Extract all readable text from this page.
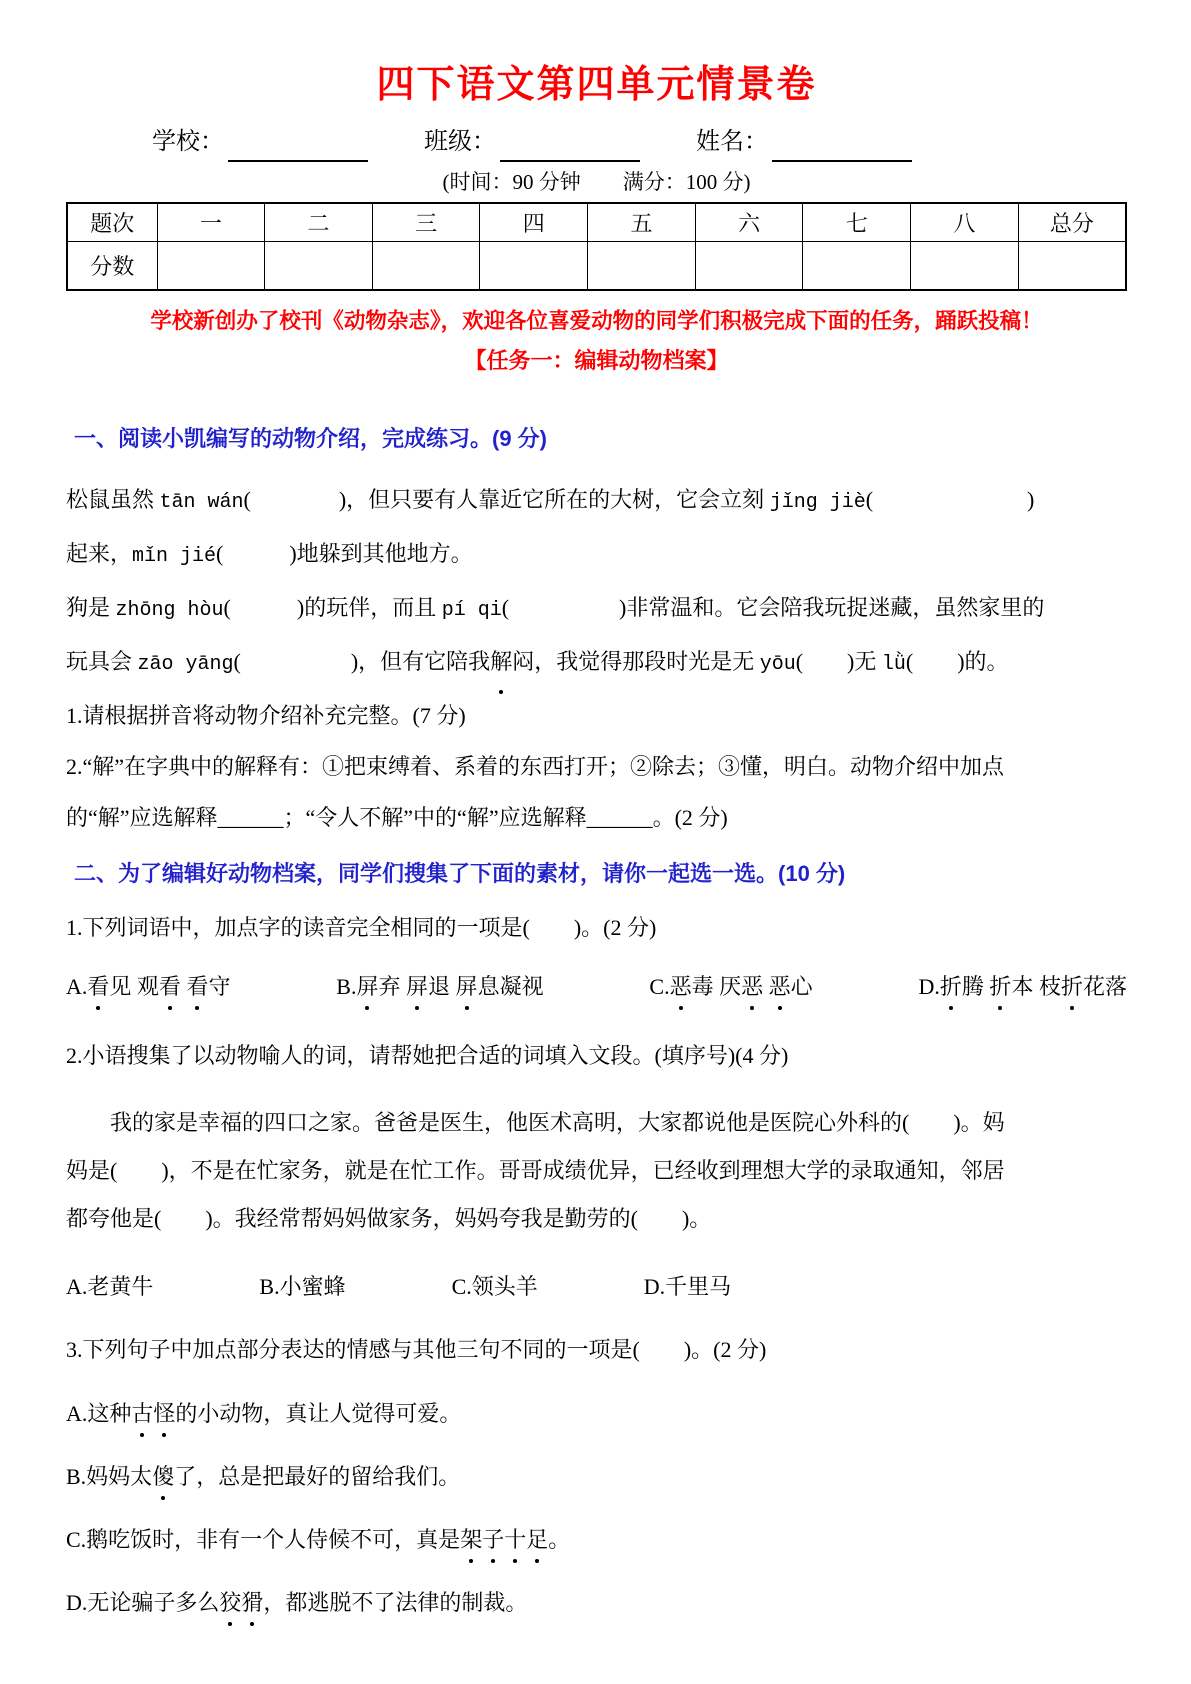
四下语文第四单元情景卷
学校：	班级：	姓名：
(时间：90 分钟　　满分：100 分)
题次	一	二	三	四	五	六	七	八	总分
分数									
学校新创办了校刊《动物杂志》，欢迎各位喜爱动物的同学们积极完成下面的任务，踊跃投稿！
【任务一：编辑动物档案】
一、阅读小凯编写的动物介绍，完成练习。(9 分)
松鼠虽然 tān wán(　　　　)，但只要有人靠近它所在的大树，它会立刻 jǐng jiè(　　　　　　　)
起来，mǐn jié(　　　)地躲到其他地方。
狗是 zhōng hòu(　　　)的玩伴，而且 pí qi(　　　　　)非常温和。它会陪我玩捉迷藏，虽然家里的
玩具会 zāo yāng(　　　　　)，但有它陪我解闷，我觉得那段时光是无 yōu(　　)无 lǜ(　　)的。
1.请根据拼音将动物介绍补充完整。(7 分)
2.“解”在字典中的解释有：①把束缚着、系着的东西打开；②除去；③懂，明白。动物介绍中加点
的“解”应选解释______；“令人不解”中的“解”应选解释______。(2 分)
二、为了编辑好动物档案，同学们搜集了下面的素材，请你一起选一选。(10 分)
1.下列词语中，加点字的读音完全相同的一项是(　　)。(2 分)
A.看见 观看 看守	B.屏弃 屏退 屏息凝视	C.恶毒 厌恶 恶心	D.折腾 折本 枝折花落
2.小语搜集了以动物喻人的词，请帮她把合适的词填入文段。(填序号)(4 分)
　　我的家是幸福的四口之家。爸爸是医生，他医术高明，大家都说他是医院心外科的(　　)。妈
妈是(　　)，不是在忙家务，就是在忙工作。哥哥成绩优异，已经收到理想大学的录取通知，邻居
都夸他是(　　)。我经常帮妈妈做家务，妈妈夸我是勤劳的(　　)。
A.老黄牛	B.小蜜蜂	C.领头羊	D.千里马
3.下列句子中加点部分表达的情感与其他三句不同的一项是(　　)。(2 分)
A.这种古怪的小动物，真让人觉得可爱。
B.妈妈太傻了，总是把最好的留给我们。
C.鹅吃饭时，非有一个人侍候不可，真是架子十足。
D.无论骗子多么狡猾，都逃脱不了法律的制裁。
